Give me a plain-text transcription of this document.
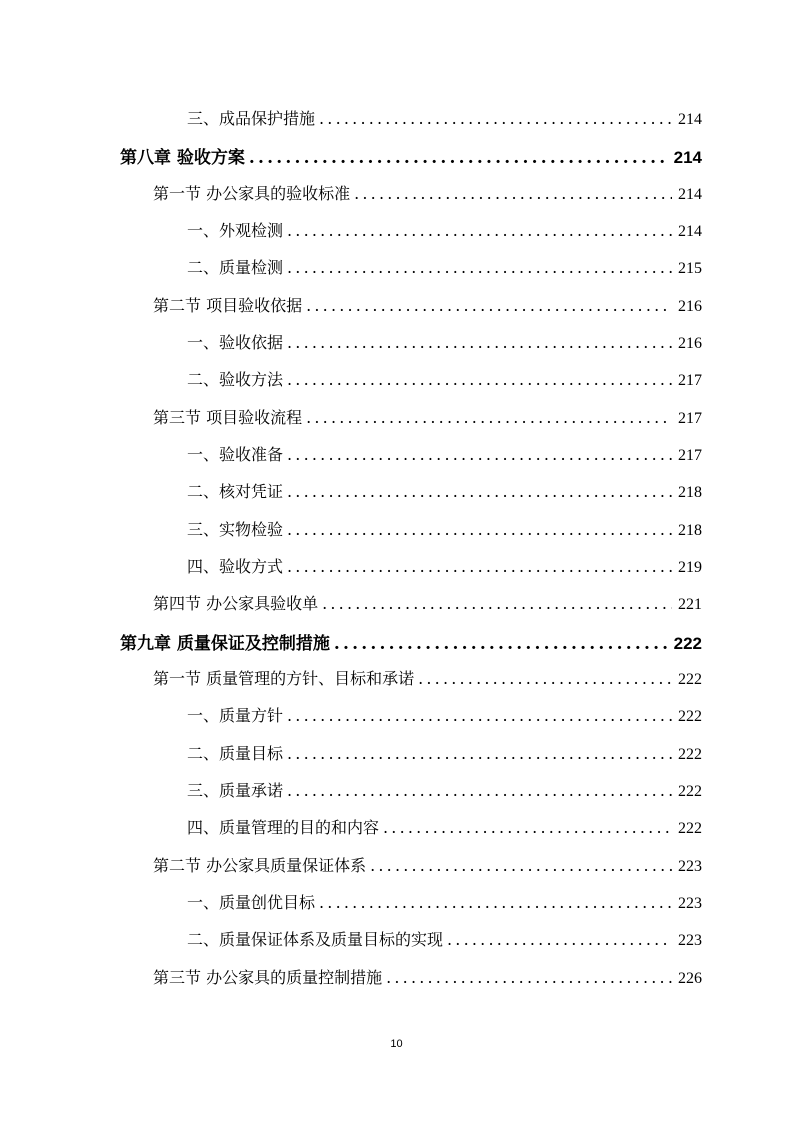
三、成品保护措施 .....	214
第八章 验收方案 .....	214
第一节 办公家具的验收标准 .....	214
一、外观检测 .....	214
二、质量检测 .....	215
第二节 项目验收依据 .....	216
一、验收依据 .....	216
二、验收方法 .....	217
第三节 项目验收流程 .....	217
一、验收准备 .....	217
二、核对凭证 .....	218
三、实物检验 .....	218
四、验收方式 .....	219
第四节 办公家具验收单 .....	221
第九章 质量保证及控制措施 .....	222
第一节 质量管理的方针、目标和承诺 .....	222
一、质量方针 .....	222
二、质量目标 .....	222
三、质量承诺 .....	222
四、质量管理的目的和内容 .....	222
第二节 办公家具质量保证体系 .....	223
一、质量创优目标 .....	223
二、质量保证体系及质量目标的实现 .....	223
第三节 办公家具的质量控制措施 .....	226
10
